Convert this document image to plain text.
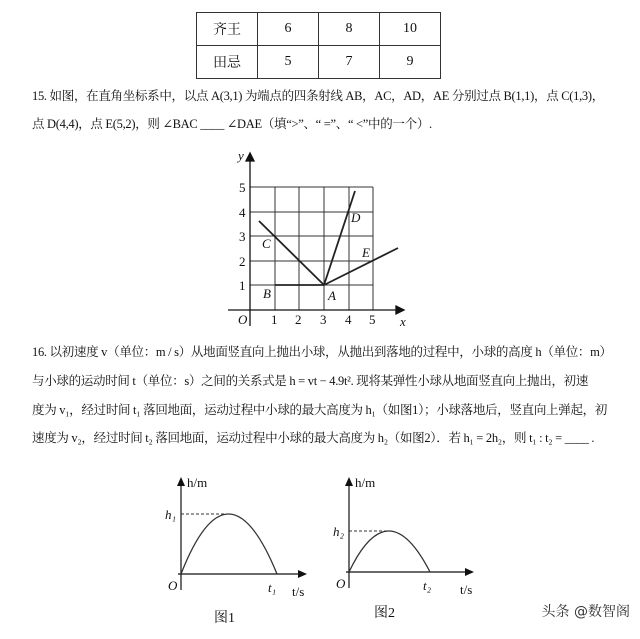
齐王	6	8	10
田忌	5	7	9
15. 如图，在直角坐标系中，以点 A(3,1) 为端点的四条射线 AB，AC，AD，AE 分别过点 B(1,1)，点 C(1,3)，
点 D(4,4)，点 E(5,2)，则 ∠BAC ____ ∠DAE（填“>”、“ =”、“ <”中的一个）.
O	x
y
1 2 3 4 5
1
2
3
4
5
A
B
C
D
E
h/m
h₁
O	t₁ t/s
图1
h/m
h₂
O	t₂ t/s
图2
16. 以初速度 v（单位：m / s）从地面竖直向上抛出小球，从抛出到落地的过程中，小球的高度 h（单位：m）
与小球的运动时间 t（单位：s）之间的关系式是 h = vt − 4.9t². 现将某弹性小球从地面竖直向上抛出，初速
度为 v₁，经过时间 t₁ 落回地面，运动过程中小球的最大高度为 h₁（如图1）；小球落地后，竖直向上弹起，初
速度为 v₂，经过时间 t₂ 落回地面，运动过程中小球的最大高度为 h₂（如图2）．若 h₁ = 2h₂，则 t₁ : t₂ = ____ .
头条 @数智阁
